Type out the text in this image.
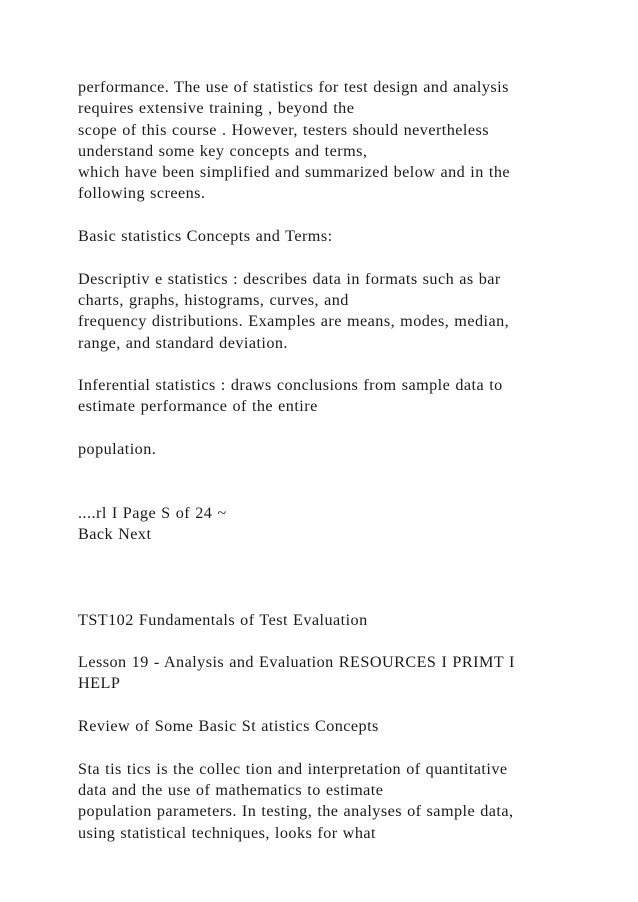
performance. The use of statistics for test design and analysis
requires extensive training , beyond the
scope of this course . However, testers should nevertheless
understand some key concepts and terms,
which have been simplified and summarized below and in the
following screens.
Basic statistics Concepts and Terms:
Descriptiv e statistics : describes data in formats such as bar
charts, graphs, histograms, curves, and
frequency distributions. Examples are means, modes, median,
range, and standard deviation.
Inferential statistics : draws conclusions from sample data to
estimate performance of the entire
population.
....rl I Page S of 24 ~
Back Next
TST102 Fundamentals of Test Evaluation
Lesson 19 - Analysis and Evaluation RESOURCES I PRIMT I
HELP
Review of Some Basic St atistics Concepts
Sta tis tics is the collec tion and interpretation of quantitative
data and the use of mathematics to estimate
population parameters. In testing, the analyses of sample data,
using statistical techniques, looks for what
